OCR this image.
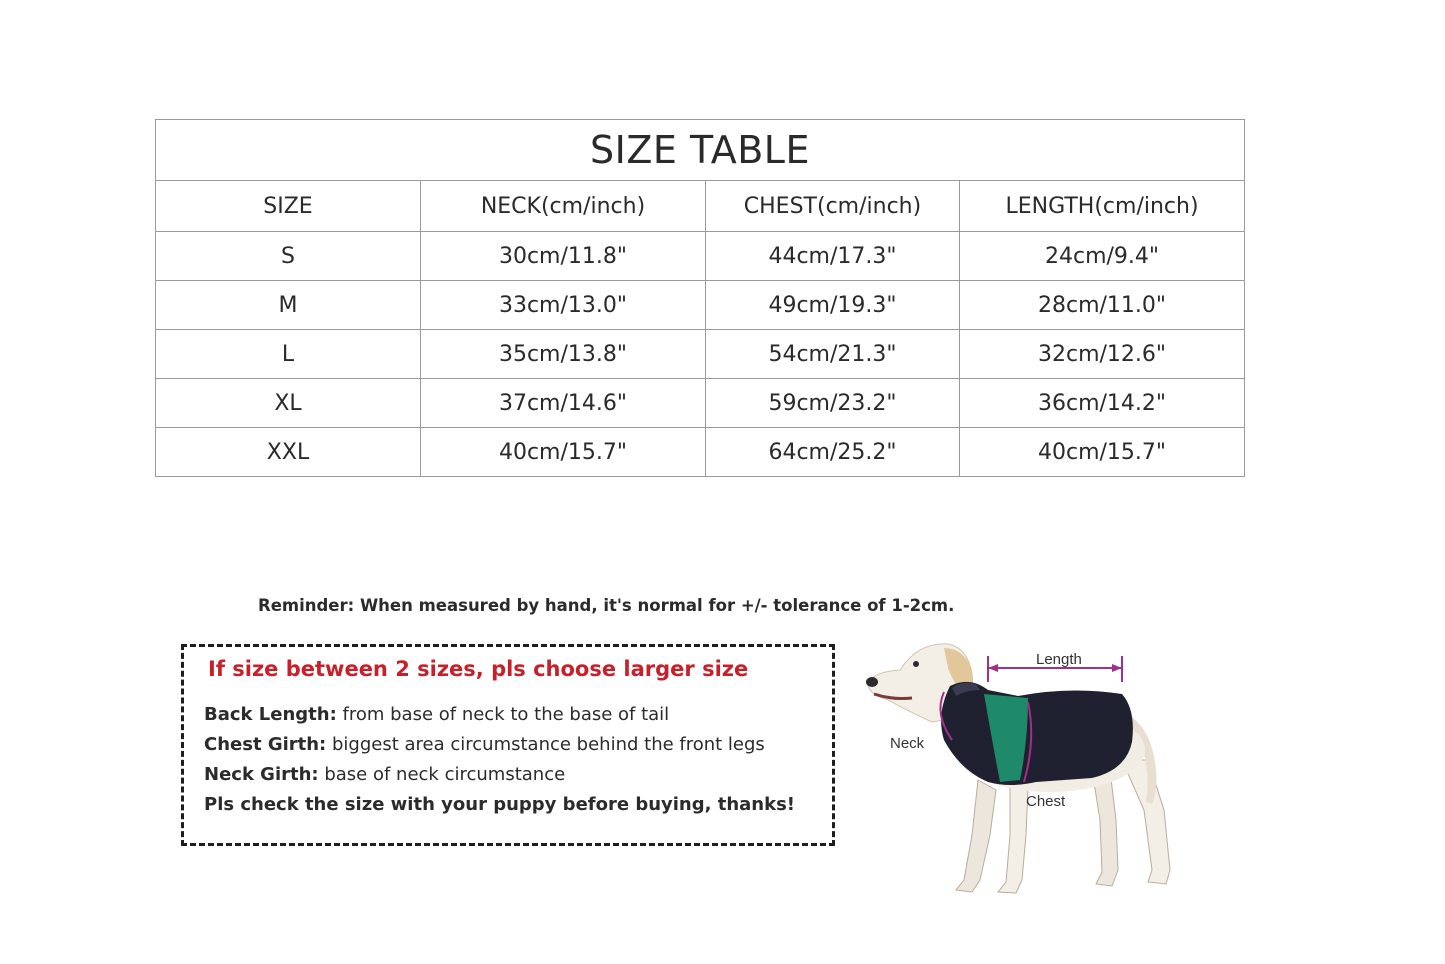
SIZE TABLE			
SIZE	NECK(cm/inch)	CHEST(cm/inch)	LENGTH(cm/inch)
S	30cm/11.8"	44cm/17.3"	24cm/9.4"
M	33cm/13.0"	49cm/19.3"	28cm/11.0"
L	35cm/13.8"	54cm/21.3"	32cm/12.6"
XL	37cm/14.6"	59cm/23.2"	36cm/14.2"
XXL	40cm/15.7"	64cm/25.2"	40cm/15.7"
Reminder: When measured by hand, it's normal for +/- tolerance of 1-2cm.
If size between 2 sizes, pls choose larger size
Back Length: from base of neck to the base of tail
Chest Girth: biggest area circumstance behind the front legs
Neck Girth: base of neck circumstance
Pls check the size with your puppy before buying, thanks!
Length
Neck
Chest
